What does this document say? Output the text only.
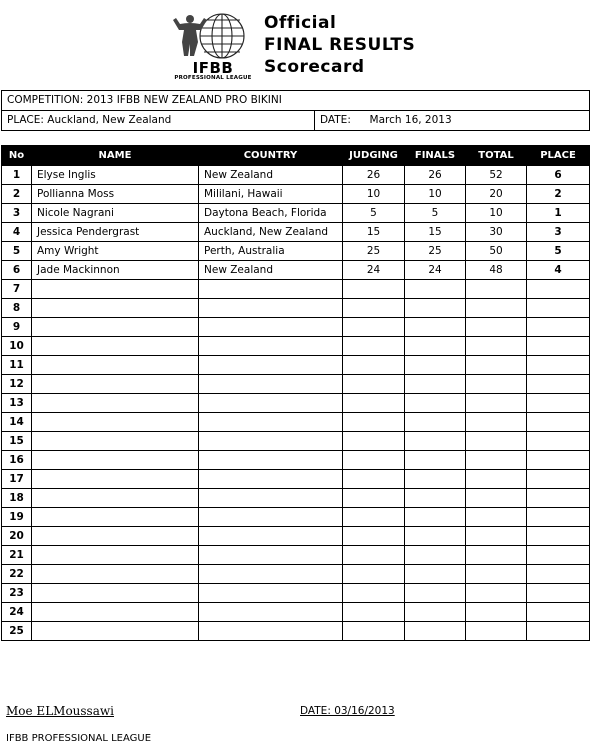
IFBB
PROFESSIONAL LEAGUE
Official
FINAL RESULTS
Scorecard
COMPETITION: 2013 IFBB NEW ZEALAND PRO BIKINI
PLACE: Auckland, New Zealand	DATE: March 16, 2013
No	NAME	COUNTRY	JUDGING	FINALS	TOTAL	PLACE
1	Elyse Inglis	New Zealand	26	26	52	6
2	Pollianna Moss	Mililani, Hawaii	10	10	20	2
3	Nicole Nagrani	Daytona Beach, Florida	5	5	10	1
4	Jessica Pendergrast	Auckland, New Zealand	15	15	30	3
5	Amy Wright	Perth, Australia	25	25	50	5
6	Jade Mackinnon	New Zealand	24	24	48	4
7						
8						
9						
10						
11						
12						
13						
14						
15						
16						
17						
18						
19						
20						
21						
22						
23						
24						
25						
Moe ELMoussawi	DATE: 03/16/2013
IFBB PROFESSIONAL LEAGUE
